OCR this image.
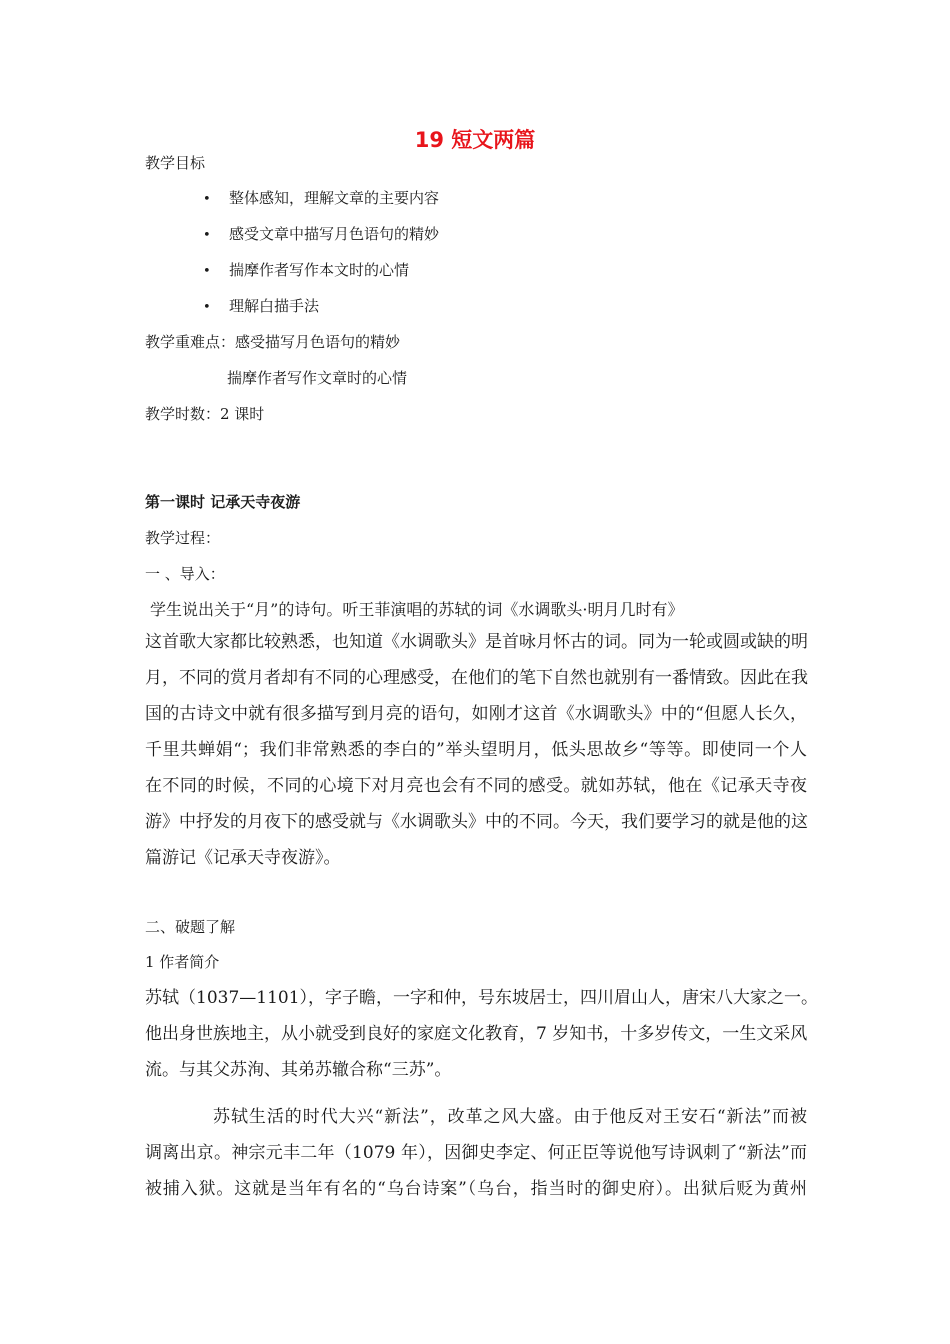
19 短文两篇

教学目标

• 整体感知，理解文章的主要内容
• 感受文章中描写月色语句的精妙
• 揣摩作者写作本文时的心情
• 理解白描手法

教学重难点：感受描写月色语句的精妙

揣摩作者写作文章时的心情

教学时数：2 课时

第一课时 记承天寺夜游

教学过程：

一 、导入：

学生说出关于“月”的诗句。听王菲演唱的苏轼的词《水调歌头·明月几时有》

这首歌大家都比较熟悉，也知道《水调歌头》是首咏月怀古的词。同为一轮或圆或缺的明
月，不同的赏月者却有不同的心理感受，在他们的笔下自然也就别有一番情致。因此在我
国的古诗文中就有很多描写到月亮的语句，如刚才这首《水调歌头》中的“但愿人长久，
千里共蝉娟“；我们非常熟悉的李白的”举头望明月，低头思故乡“等等。即使同一个人
在不同的时候，不同的心境下对月亮也会有不同的感受。就如苏轼，他在《记承天寺夜
游》中抒发的月夜下的感受就与《水调歌头》中的不同。今天，我们要学习的就是他的这
篇游记《记承天寺夜游》。

二、破题了解

1 作者简介

苏轼（1037—1101），字子瞻，一字和仲，号东坡居士，四川眉山人，唐宋八大家之一。
他出身世族地主，从小就受到良好的家庭文化教育，7 岁知书，十多岁传文，一生文采风
流。与其父苏洵、其弟苏辙合称“三苏”。
苏轼生活的时代大兴“新法”，改革之风大盛。由于他反对王安石“新法”而被
调离出京。神宗元丰二年（1079 年），因御史李定、何正臣等说他写诗讽刺了“新法”而
被捕入狱。这就是当年有名的“乌台诗案”（乌台，指当时的御史府）。出狱后贬为黄州
